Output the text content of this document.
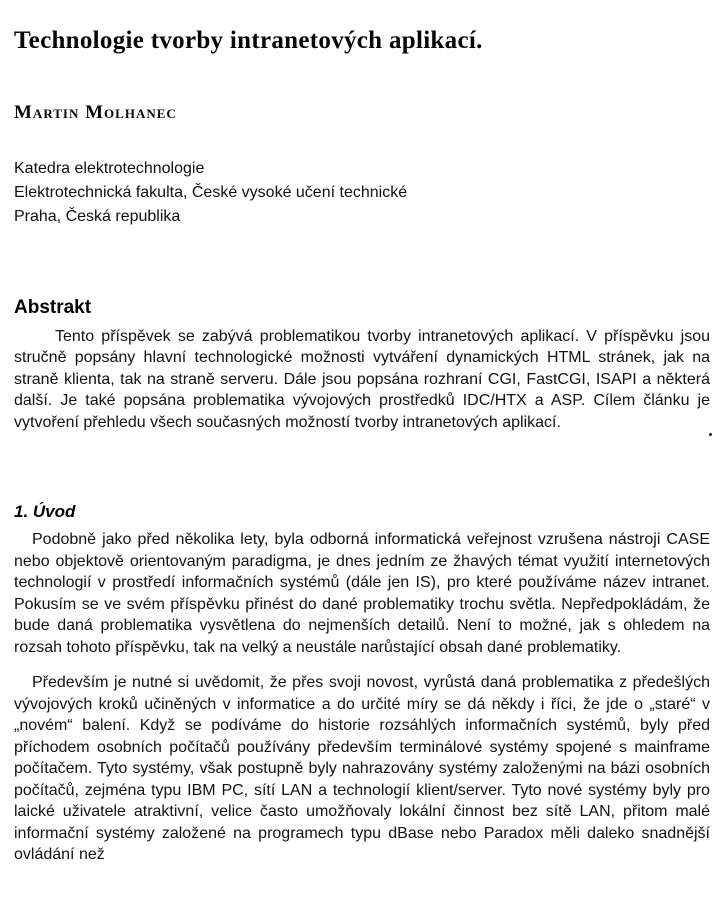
Technologie tvorby intranetových aplikací.
Martin Molhanec
Katedra elektrotechnologie
Elektrotechnická fakulta, České vysoké učení technické
Praha, Česká republika
Abstrakt

Tento příspěvek se zabývá problematikou tvorby intranetových aplikací. V příspěvku jsou stručně popsány hlavní technologické možnosti vytváření dynamických HTML stránek, jak na straně klienta, tak na straně serveru. Dále jsou popsána rozhraní CGI, FastCGI, ISAPI a některá další. Je také popsána problematika vývojových prostředků IDC/HTX a ASP. Cílem článku je vytvoření přehledu všech současných možností tvorby intranetových aplikací.

1. Úvod

Podobně jako před několika lety, byla odborná informatická veřejnost vzrušena nástroji CASE nebo objektově orientovaným paradigma, je dnes jedním ze žhavých témat využití internetových technologií v prostředí informačních systémů (dále jen IS), pro které používáme název intranet. Pokusím se ve svém příspěvku přinést do dané problematiky trochu světla. Nepředpokládám, že bude daná problematika vysvětlena do nejmenších detailů. Není to možné, jak s ohledem na rozsah tohoto příspěvku, tak na velký a neustále narůstající obsah dané problematiky.

Především je nutné si uvědomit, že přes svoji novost, vyrůstá daná problematika z předešlých vývojových kroků učiněných v informatice a do určité míry se dá někdy i říci, že jde o „staré“ v „novém“ balení. Když se podíváme do historie rozsáhlých informačních systémů, byly před příchodem osobních počítačů používány především terminálové systémy spojené s mainframe počítačem. Tyto systémy, však postupně byly nahrazovány systémy založenými na bázi osobních počítačů, zejména typu IBM PC, sítí LAN a technologií klient/server. Tyto nové systémy byly pro laické uživatele atraktivní, velice často umožňovaly lokální činnost bez sítě LAN, přitom malé informační systémy založené na programech typu dBase nebo Paradox měli daleko snadnější ovládání než
